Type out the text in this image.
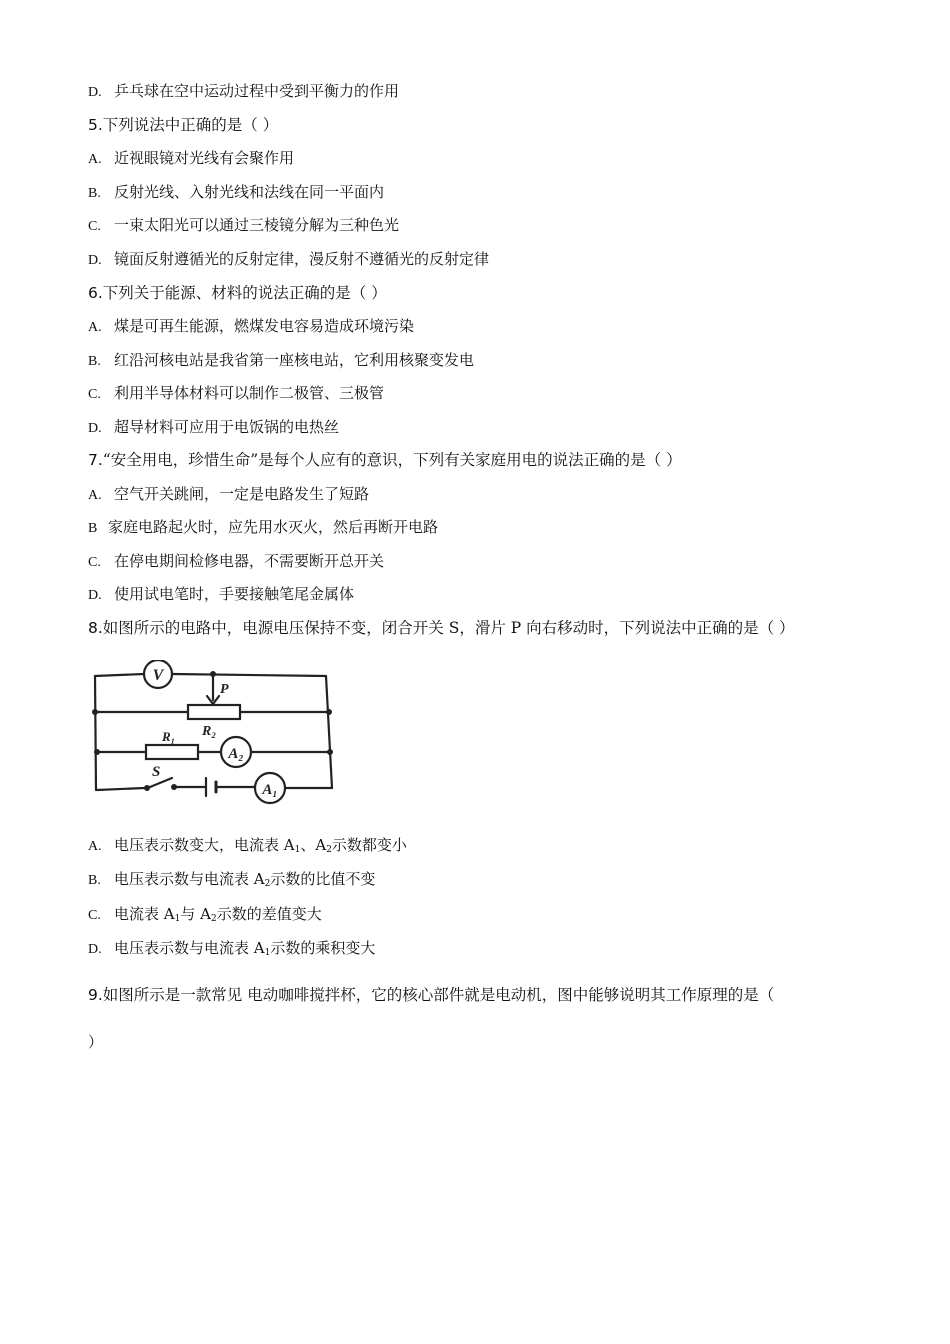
D. 乒乓球在空中运动过程中受到平衡力的作用
5.下列说法中正确的是（ ）
A. 近视眼镜对光线有会聚作用
B. 反射光线、入射光线和法线在同一平面内
C. 一束太阳光可以通过三棱镜分解为三种色光
D. 镜面反射遵循光的反射定律，漫反射不遵循光的反射定律
6.下列关于能源、材料的说法正确的是（ ）
A. 煤是可再生能源，燃煤发电容易造成环境污染
B. 红沿河核电站是我省第一座核电站，它利用核聚变发电
C. 利用半导体材料可以制作二极管、三极管
D. 超导材料可应用于电饭锅的电热丝
7.“安全用电，珍惜生命”是每个人应有的意识，下列有关家庭用电的说法正确的是（ ）
A. 空气开关跳闸，一定是电路发生了短路
B 家庭电路起火时，应先用水灭火，然后再断开电路
C. 在停电期间检修电器，不需要断开总开关
D. 使用试电笔时，手要接触笔尾金属体
8.如图所示的电路中，电源电压保持不变，闭合开关 S，滑片 P 向右移动时，下列说法中正确的是（ ）
V
P
R₂
R₁
A₂
A₁
S
A. 电压表示数变大，电流表 $A_1$、$A_2$示数都变小
B. 电压表示数与电流表 $A_2$示数的比值不变
C. 电流表 $A_1$与 $A_2$示数的差值变大
D. 电压表示数与电流表 $A_1$示数的乘积变大
9.如图所示是一款常见 电动咖啡搅拌杯，它的核心部件就是电动机，图中能够说明其工作原理的是（
）
